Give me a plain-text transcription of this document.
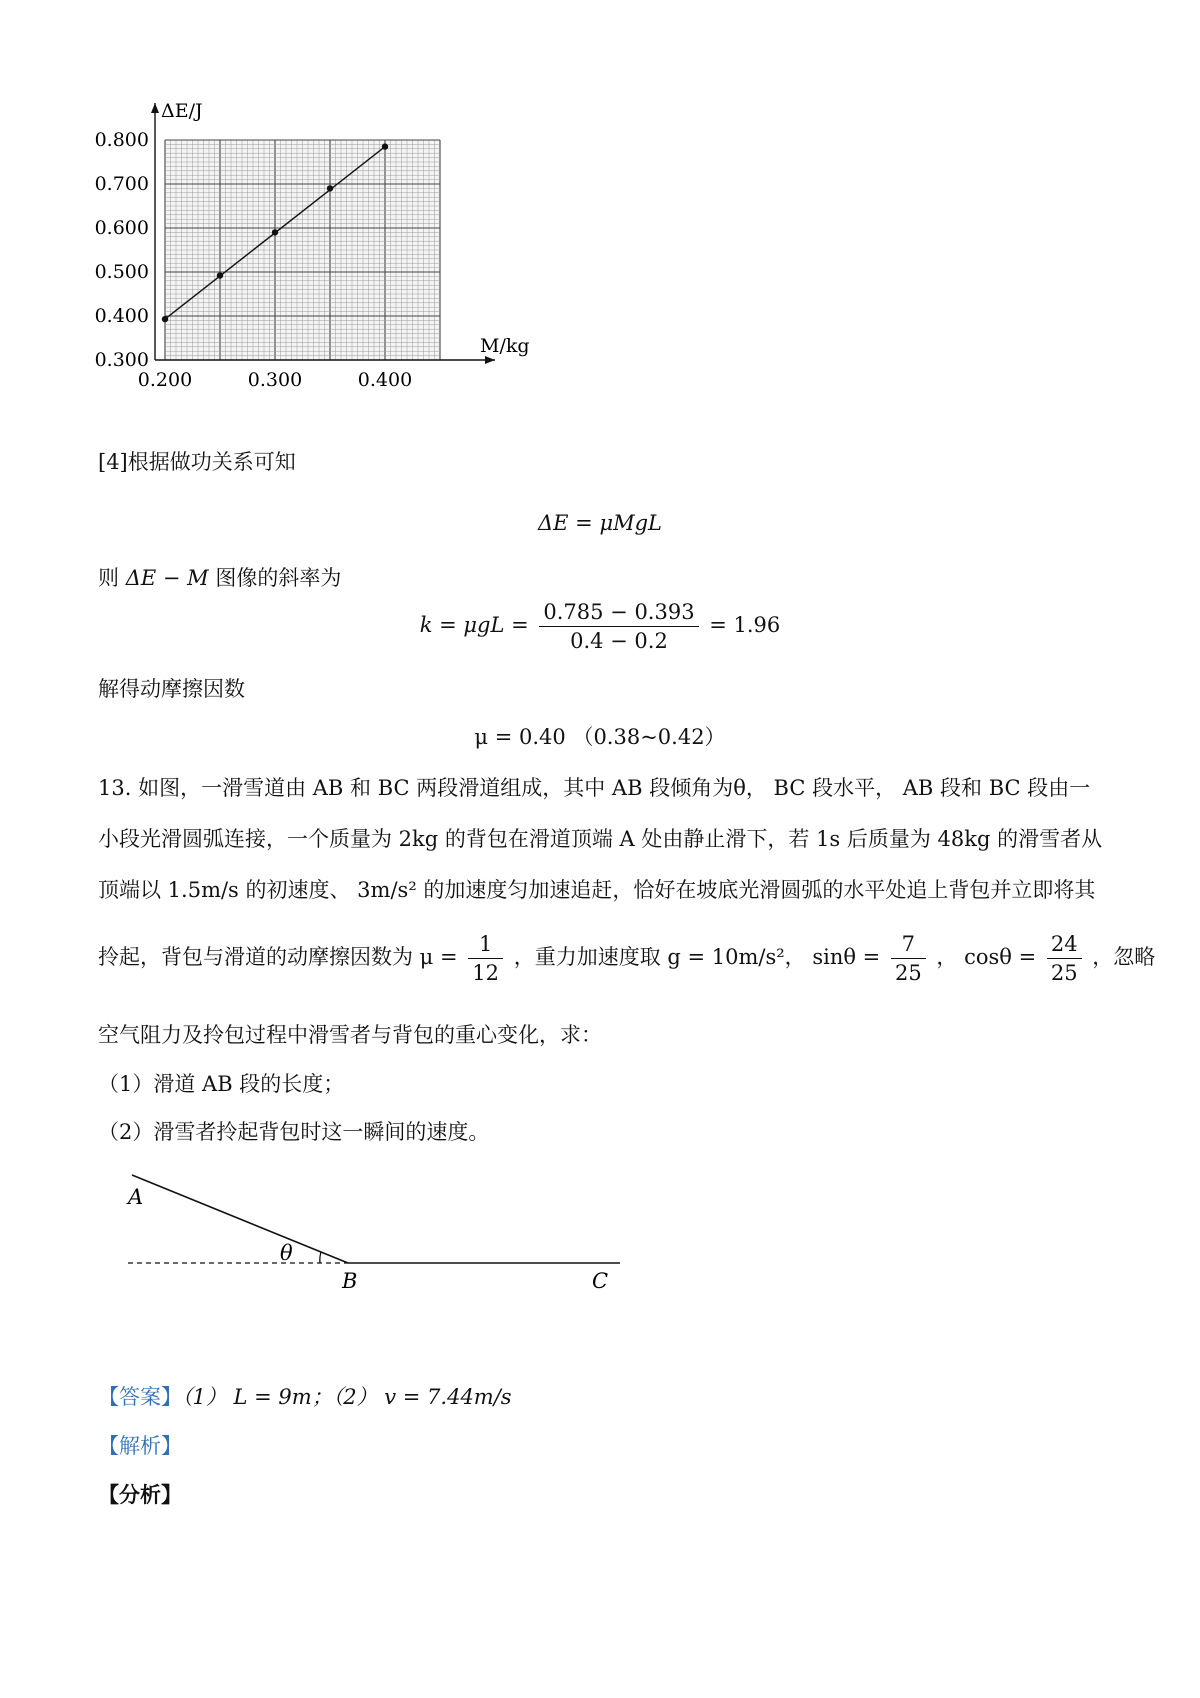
ΔE/J
M/kg
0.300
0.400
0.500
0.600
0.700
0.800
0.200	0.300	0.400
[4]根据做功关系可知
ΔE = μMgL
则 ΔE − M 图像的斜率为
$k = \mu gL = \frac{0.785 - 0.393}{0.4 - 0.2} = 1.96$
解得动摩擦因数
μ = 0.40 （0.38~0.42）
13. 如图，一滑雪道由 AB 和 BC 两段滑道组成，其中 AB 段倾角为θ， BC 段水平， AB 段和 BC 段由一
小段光滑圆弧连接，一个质量为 2kg 的背包在滑道顶端 A 处由静止滑下，若 1s 后质量为 48kg 的滑雪者从
顶端以 1.5m/s 的初速度、 3m/s² 的加速度匀加速追赶，恰好在坡底光滑圆弧的水平处追上背包并立即将其
拎起，背包与滑道的动摩擦因数为 $\mu = \frac{1}{12}$ ，重力加速度取 g = 10m/s²， $\sin\theta = \frac{7}{25}$ ， $\cos\theta = \frac{24}{25}$ ，忽略
空气阻力及拎包过程中滑雪者与背包的重心变化，求：
（1）滑道 AB 段的长度；
（2）滑雪者拎起背包时这一瞬间的速度。
A
θ
B	C
【答案】（1） L = 9m；（2） v = 7.44m/s
【解析】
【分析】
